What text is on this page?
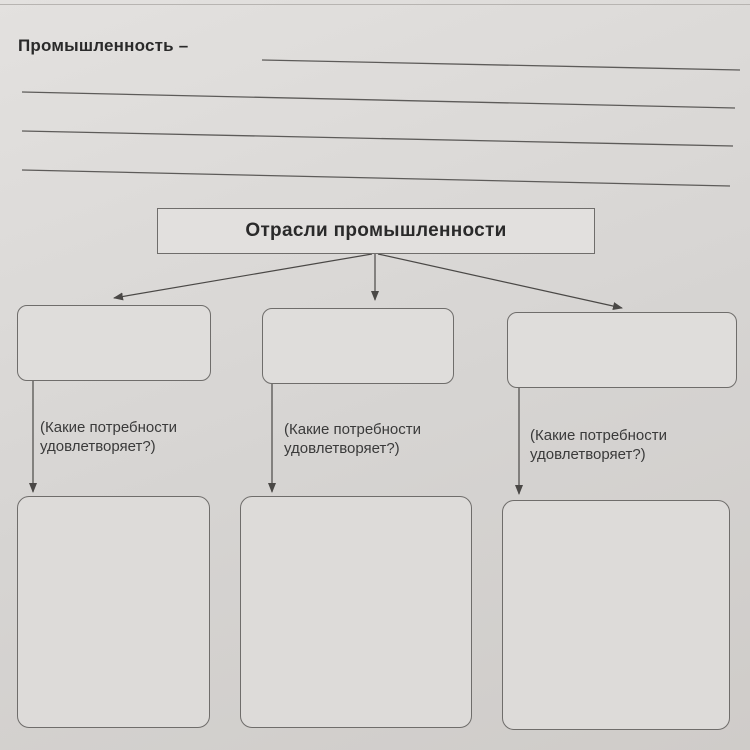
Промышленность –
Отрасли промышленности
(Какие потребности
удовлетворяет?)
(Какие потребности
удовлетворяет?)
(Какие потребности
удовлетворяет?)
